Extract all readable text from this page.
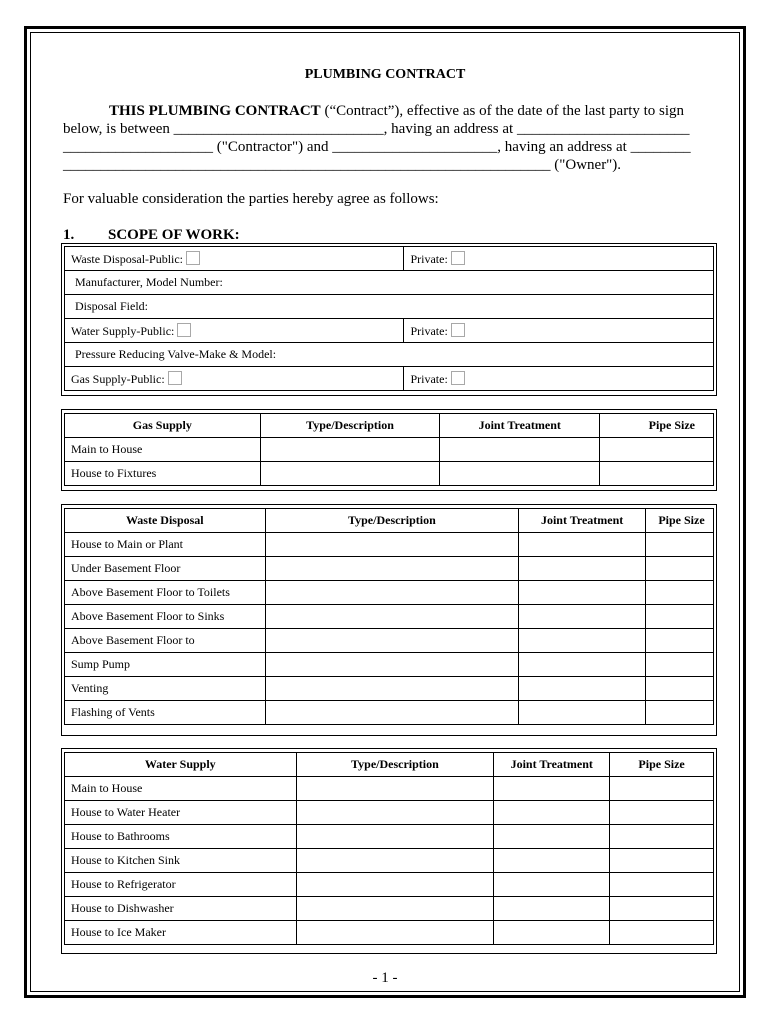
PLUMBING CONTRACT
THIS PLUMBING CONTRACT (“Contract”), effective as of the date of the last party to sign
below, is between ____________________________, having an address at _______________________
____________________ ("Contractor") and ______________________, having an address at ________
_________________________________________________________________ ("Owner").
For valuable consideration the parties hereby agree as follows:
1. SCOPE OF WORK:
Waste Disposal-Public:	Private:
Manufacturer, Model Number:	
Disposal Field:	
Water Supply-Public:	Private:
Pressure Reducing Valve-Make & Model:	
Gas Supply-Public:	Private:
Gas Supply	Type/Description	Joint Treatment	Pipe Size
Main to House			
House to Fixtures			
Waste Disposal	Type/Description	Joint Treatment	Pipe Size
House to Main or Plant			
Under Basement Floor			
Above Basement Floor to Toilets			
Above Basement Floor to Sinks			
Above Basement Floor to			
Sump Pump			
Venting			
Flashing of Vents			
Water Supply	Type/Description	Joint Treatment	Pipe Size
Main to House			
House to Water Heater			
House to Bathrooms			
House to Kitchen Sink			
House to Refrigerator			
House to Dishwasher			
House to Ice Maker			
- 1 -
